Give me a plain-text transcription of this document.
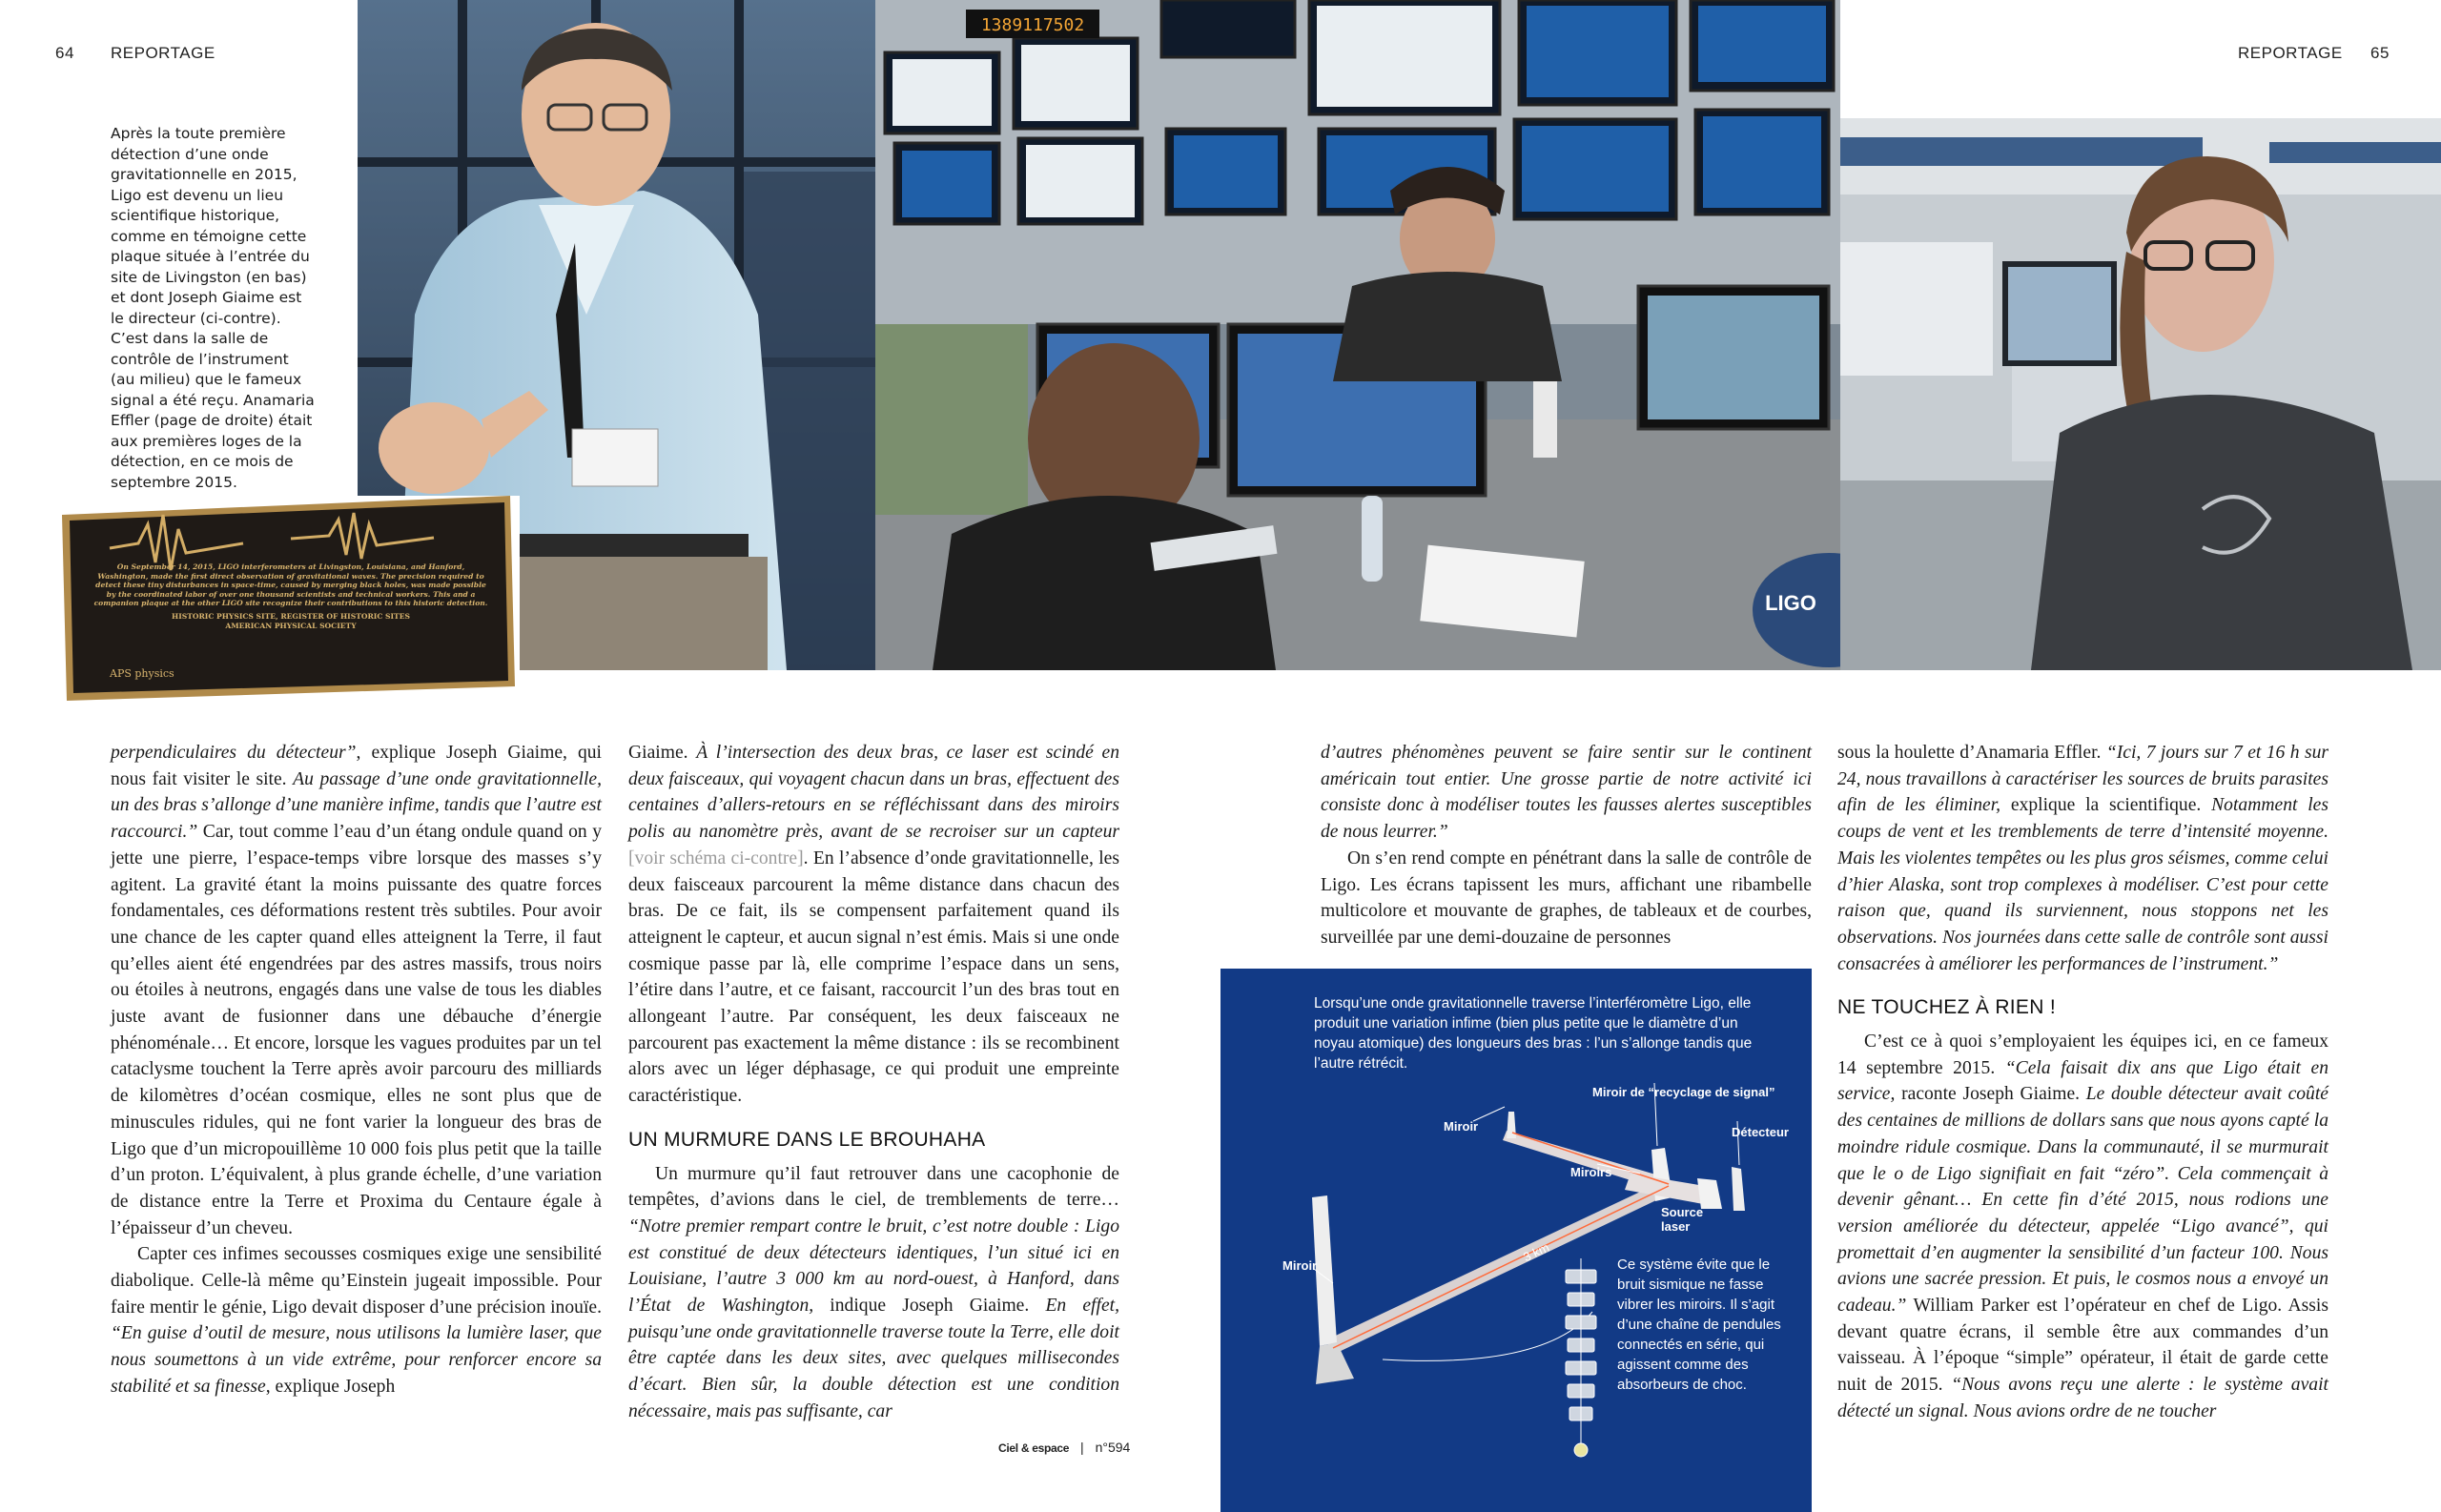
64 REPORTAGE	REPORTAGE 65
Après la toute première détection d’une onde gravitationnelle en 2015, Ligo est devenu un lieu scientifique historique, comme en témoigne cette plaque située à l’entrée du site de Livingston (en bas) et dont Joseph Giaime est le directeur (ci-contre). C’est dans la salle de contrôle de l’instrument (au milieu) que le fameux signal a été reçu. Anamaria Effler (page de droite) était aux premières loges de la détection, en ce mois de septembre 2015.
1389117502
LIGO
On September 14, 2015, LIGO interferometers at Livingston, Louisiana, and Hanford, Washington, made the first direct observation of gravitational waves. The precision required to detect these tiny disturbances in space-time, caused by merging black holes, was made possible by the coordinated labor of over one thousand scientists and technical workers. This and a companion plaque at the other LIGO site recognize their contributions to this historic detection.
HISTORIC PHYSICS SITE, REGISTER OF HISTORIC SITES
AMERICAN PHYSICAL SOCIETY
APS physics

perpendiculaires du détecteur”, explique Joseph Giaime, qui nous fait visiter le site. Au passage d’une onde gravitationnelle, un des bras s’allonge d’une manière infime, tandis que l’autre est raccourci.” Car, tout comme l’eau d’un étang ondule quand on y jette une pierre, l’espace-temps vibre lorsque des masses s’y agitent. La gravité étant la moins puissante des quatre forces fondamentales, ces déformations restent très subtiles. Pour avoir une chance de les capter quand elles atteignent la Terre, il faut qu’elles aient été engendrées par des astres massifs, trous noirs ou étoiles à neutrons, engagés dans une valse de tous les diables juste avant de fusionner dans une débauche d’énergie phénoménale… Et encore, lorsque les vagues produites par un tel cataclysme touchent la Terre après avoir parcouru des milliards de kilomètres d’océan cosmique, elles ne sont plus que de minuscules ridules, qui ne font varier la longueur des bras de Ligo que d’un micropouillème 10 000 fois plus petit que la taille d’un proton. L’équivalent, à plus grande échelle, d’une variation de distance entre la Terre et Proxima du Centaure égale à l’épaisseur d’un cheveu.

Capter ces infimes secousses cosmiques exige une sensibilité diabolique. Celle-là même qu’Einstein jugeait impossible. Pour faire mentir le génie, Ligo devait disposer d’une précision inouïe. “En guise d’outil de mesure, nous utilisons la lumière laser, que nous soumettons à un vide extrême, pour renforcer encore sa stabilité et sa finesse, explique Joseph

Giaime. À l’intersection des deux bras, ce laser est scindé en deux faisceaux, qui voyagent chacun dans un bras, effectuent des centaines d’allers-retours en se réfléchissant dans des miroirs polis au nanomètre près, avant de se recroiser sur un capteur [voir schéma ci-contre]. En l’absence d’onde gravitationnelle, les deux faisceaux parcourent la même distance dans chacun des bras. De ce fait, ils se compensent parfaitement quand ils atteignent le capteur, et aucun signal n’est émis. Mais si une onde cosmique passe par là, elle comprime l’espace dans un sens, l’étire dans l’autre, et ce faisant, raccourcit l’un des bras tout en allongeant l’autre. Par conséquent, les deux faisceaux ne parcourent pas exactement la même distance : ils se recombinent alors avec un léger déphasage, ce qui produit une empreinte caractéristique.

UN MURMURE DANS LE BROUHAHA

Un murmure qu’il faut retrouver dans une cacophonie de tempêtes, d’avions dans le ciel, de tremblements de terre… “Notre premier rempart contre le bruit, c’est notre double : Ligo est constitué de deux détecteurs identiques, l’un situé ici en Louisiane, l’autre 3 000 km au nord-ouest, à Hanford, dans l’État de Washington, indique Joseph Giaime. En effet, puisqu’une onde gravitationnelle traverse toute la Terre, elle doit être captée dans les deux sites, avec quelques millisecondes d’écart. Bien sûr, la double détection est une condition nécessaire, mais pas suffisante, car

d’autres phénomènes peuvent se faire sentir sur le continent américain tout entier. Une grosse partie de notre activité ici consiste donc à modéliser toutes les fausses alertes susceptibles de nous leurrer.”

On s’en rend compte en pénétrant dans la salle de contrôle de Ligo. Les écrans tapissent les murs, affichant une ribambelle multicolore et mouvante de graphes, de tableaux et de courbes, surveillée par une demi-douzaine de personnes

sous la houlette d’Anamaria Effler. “Ici, 7 jours sur 7 et 16 h sur 24, nous travaillons à caractériser les sources de bruits parasites afin de les éliminer, explique la scientifique. Notamment les coups de vent et les tremblements de terre d’intensité moyenne. Mais les violentes tempêtes ou les plus gros séismes, comme celui d’hier Alaska, sont trop complexes à modéliser. C’est pour cette raison que, quand ils surviennent, nous stoppons net les observations. Nos journées dans cette salle de contrôle sont aussi consacrées à améliorer les performances de l’instrument.”

NE TOUCHEZ À RIEN !

C’est ce à quoi s’employaient les équipes ici, en ce fameux 14 septembre 2015. “Cela faisait dix ans que Ligo était en service, raconte Joseph Giaime. Le double détecteur avait coûté des centaines de millions de dollars sans que nous ayons capté la moindre ridule cosmique. Dans la communauté, il se murmurait que le o de Ligo signifiait en fait “zéro”. Cela commençait à devenir gênant… En cette fin d’été 2015, nous rodions une version améliorée du détecteur, appelée “Ligo avancé”, qui promettait d’en augmenter la sensibilité d’un facteur 100. Nous avions une sacrée pression. Et puis, le cosmos nous a envoyé un cadeau.” William Parker est l’opérateur en chef de Ligo. Assis devant quatre écrans, il semble être aux commandes d’un vaisseau. À l’époque “simple” opérateur, il était de garde cette nuit de 2015. “Nous avons reçu une alerte : le système avait détecté un signal. Nous avions ordre de ne toucher

Lorsqu’une onde gravitationnelle traverse l’interféromètre Ligo, elle produit une variation infime (bien plus petite que le diamètre d’un noyau atomique) des longueurs des bras : l’un s’allonge tandis que l’autre rétrécit.
Miroir de “recyclage de signal”
Miroir	Détecteur
Miroirs
Source laser
Miroir
3 km
Ce système évite que le bruit sismique ne fasse vibrer les miroirs. Il s’agit d’une chaîne de pendules connectés en série, qui agissent comme des absorbeurs de choc.
Ciel & espace | n°594
